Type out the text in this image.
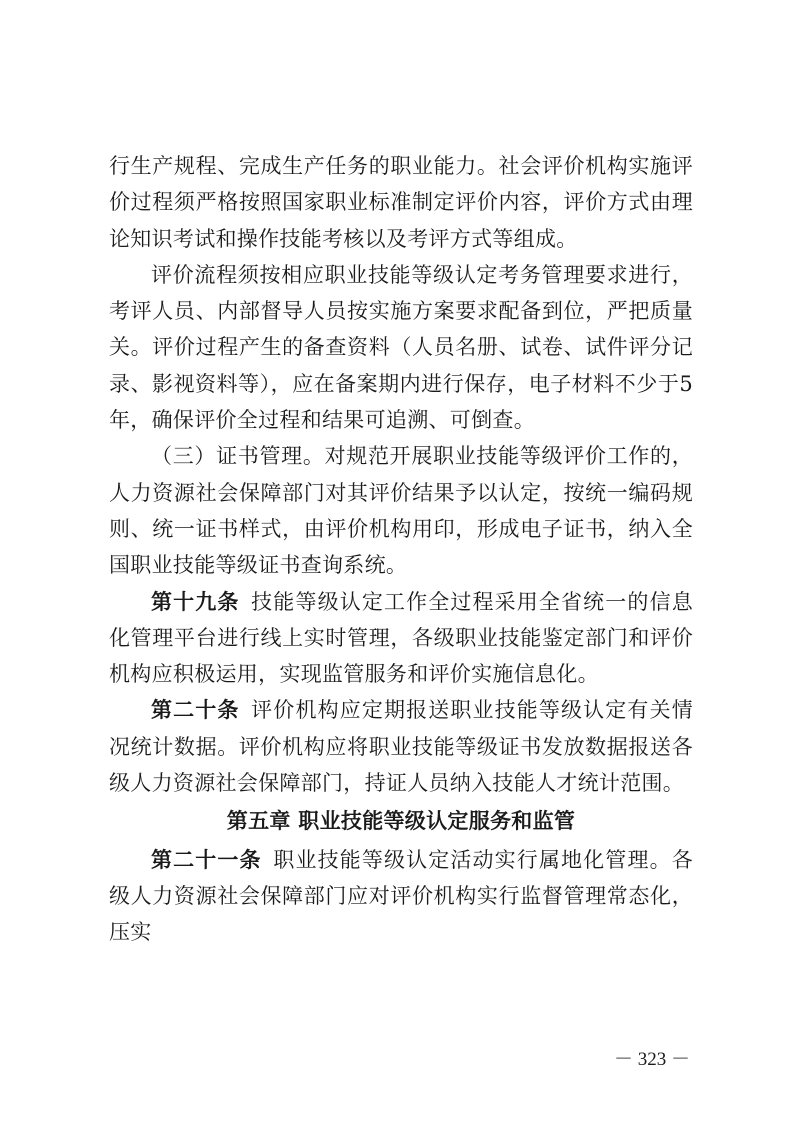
行生产规程、完成生产任务的职业能力。社会评价机构实施评价过程须严格按照国家职业标准制定评价内容，评价方式由理论知识考试和操作技能考核以及考评方式等组成。

评价流程须按相应职业技能等级认定考务管理要求进行，考评人员、内部督导人员按实施方案要求配备到位，严把质量关。评价过程产生的备查资料（人员名册、试卷、试件评分记录、影视资料等），应在备案期内进行保存，电子材料不少于5年，确保评价全过程和结果可追溯、可倒查。

（三）证书管理。对规范开展职业技能等级评价工作的，人力资源社会保障部门对其评价结果予以认定，按统一编码规则、统一证书样式，由评价机构用印，形成电子证书，纳入全国职业技能等级证书查询系统。

第十九条  技能等级认定工作全过程采用全省统一的信息化管理平台进行线上实时管理，各级职业技能鉴定部门和评价机构应积极运用，实现监管服务和评价实施信息化。

第二十条  评价机构应定期报送职业技能等级认定有关情况统计数据。评价机构应将职业技能等级证书发放数据报送各级人力资源社会保障部门，持证人员纳入技能人才统计范围。

第五章 职业技能等级认定服务和监管

第二十一条  职业技能等级认定活动实行属地化管理。各级人力资源社会保障部门应对评价机构实行监督管理常态化，压实

－ 323 －
